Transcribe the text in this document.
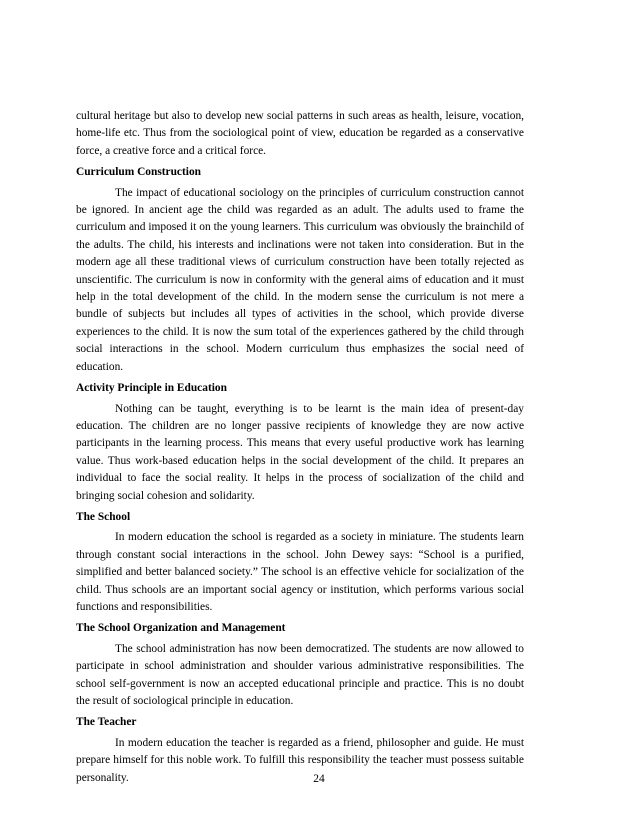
cultural heritage but also to develop new social patterns in such areas as health, leisure, vocation, home-life etc. Thus from the sociological point of view, education be regarded as a conservative force, a creative force and a critical force.

Curriculum Construction

The impact of educational sociology on the principles of curriculum construction cannot be ignored. In ancient age the child was regarded as an adult. The adults used to frame the curriculum and imposed it on the young learners. This curriculum was obviously the brainchild of the adults. The child, his interests and inclinations were not taken into consideration. But in the modern age all these traditional views of curriculum construction have been totally rejected as unscientific. The curriculum is now in conformity with the general aims of education and it must help in the total development of the child. In the modern sense the curriculum is not mere a bundle of subjects but includes all types of activities in the school, which provide diverse experiences to the child. It is now the sum total of the experiences gathered by the child through social interactions in the school. Modern curriculum thus emphasizes the social need of education.

Activity Principle in Education

Nothing can be taught, everything is to be learnt is the main idea of present-day education. The children are no longer passive recipients of knowledge they are now active participants in the learning process. This means that every useful productive work has learning value. Thus work-based education helps in the social development of the child. It prepares an individual to face the social reality. It helps in the process of socialization of the child and bringing social cohesion and solidarity.

The School

In modern education the school is regarded as a society in miniature. The students learn through constant social interactions in the school. John Dewey says: “School is a purified, simplified and better balanced society.” The school is an effective vehicle for socialization of the child. Thus schools are an important social agency or institution, which performs various social functions and responsibilities.

The School Organization and Management

The school administration has now been democratized. The students are now allowed to participate in school administration and shoulder various administrative responsibilities. The school self-government is now an accepted educational principle and practice. This is no doubt the result of sociological principle in education.

The Teacher

In modern education the teacher is regarded as a friend, philosopher and guide. He must prepare himself for this noble work. To fulfill this responsibility the teacher must possess suitable personality.	24
